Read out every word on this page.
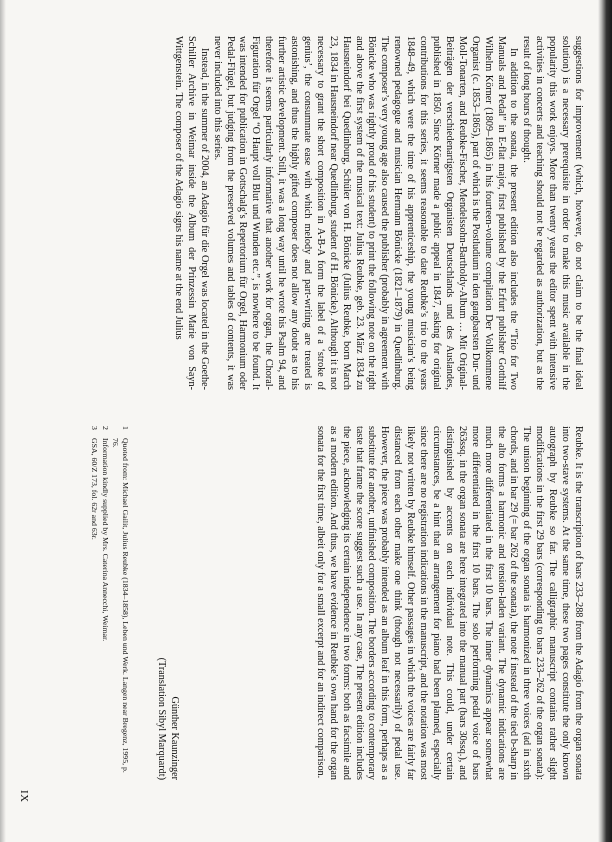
suggestions for improvement (which, however, do not claim to be the final ideal solution) is a necessary prerequisite in order to make this music available in the popularity this work enjoys. More than twenty years the editor spent with intensive activities in concerts and teaching should not be regarded as authorization, but as the result of long hours of thought.

In addition to the sonata, the present edition also includes the “Trio for Two Manuals and Pedal” in E-flat major, first published by the Erfurt publisher Gotthilf Wilhelm Körner (1809–1865) in his fourteen-volume compilation Der Vollkommene Organist (c. 1853–1865), part of which is the Postludium in den gangbarsten Dur- und Moll-Tonarten, and Reubke-Fischer, Mendelssohn-Bartholdy-Album … Mit Original-Beiträgen der verschiedenartigsten Organisten Deutschlands und des Auslandes, published in 1850. Since Körner made a public appeal in 1847, asking for original contributions for this series, it seems reasonable to date Reubke’s trio to the years 1848–49, which were the time of his apprenticeship, the young musician’s being renowned pedagogue and musician Hermann Bönicke (1821–1879) in Quedlinburg. The composer’s very young age also caused the publisher (probably in agreement with Bönicke who was rightly proud of his student) to print the following note on the right and above the first system of the musical text: Julius Reubke, geb. 23. März 1834 zu Hausneindorf bei Quedlinburg, Schüler von H. Bönicke (Julius Reubke, born March 23, 1834 in Hausneindorf near Quedlinburg, student of H. Bönicke). Although it is not necessary to grant the short composition in A-B-A form the label of a ‘stroke of genius’, the consummate ease with which melody and part-writing are treated is astonishing, and thus the highly gifted composer does not allow any doubt as to his further artistic development. Still, it was a long way until he wrote his Psalm 94, and therefore it seems particularly informative that another work for organ, the Choral-Figuration für Orgel “O Haupt voll Blut und Wunden etc.”, is nowhere to be found. It was intended for publication in Gottschalg’s Repertorium für Orgel, Harmonium oder Pedal-Flügel, but judging from the preserved volumes and tables of contents, it was never included into this series.

Instead, in the summer of 2004, an Adagio für die Orgel was located in the Goethe-Schiller Archive in Weimar inside the Album der Prinzessin Marie von Sayn-Wittgenstein. The composer of the Adagio signs his name at the end Julius

Reubke. It is the transcription of bars 233–288 from the Adagio from the organ sonata into two-stave systems. At the same time, these two pages constitute the only known autograph by Reubke so far. The calligraphic manuscript contains rather slight modifications in the first 29 bars (corresponding to bars 233–262 of the organ sonata): The unison beginning of the organ sonata is harmonized in three voices (ad in sixth chords, and in bar 29 (= bar 262 of the sonata), the note f instead of the tied b-sharp in the alto forms a harmonic and tension-laden variant. The dynamic indications are much more differentiated in the first 10 bars. The inner dynamics appear somewhat more differentiated in the first 10 bars. The solo performing pedal voice of bars 263ssq. in the organ sonata are here integrated into the manual part (bars 30ssq.), and distinguished by accents on each individual note. This could, under certain circumstances, be a hint that an arrangement for piano had been planned, especially since there are no registration indications in the manuscript, and the notation was most likely not written by Reubke himself. Other passages in which the voices are fairly far distanced from each other make one think (though not necessarily) of pedal use. However, the piece was probably intended as an album leaf in this form, perhaps as a substitute for another, unfinished composition. The borders according to contemporary taste that frame the score suggest such a use. In any case, The present edition includes the piece, acknowledging its certain independence in two forms: both as facsimile and as a modern edition. And thus, we have evidence in Reubke’s own hand for the organ sonata for the first time, albeit only for a small excerpt and for an indirect comparison.

Günther Kaunzinger
(Translation Sibyl Marquardt)
1
Quoted from: Michael Gailit, Julius Reubke (1834–1858), Leben und Werk. Langen near Bregenz, 1995, p. 76.
2
Information kindly supplied by Mrs. Caterina Annecchi, Weimar.
3
GSA, 60/Z 173, fol. 62r and 63r.
IX
